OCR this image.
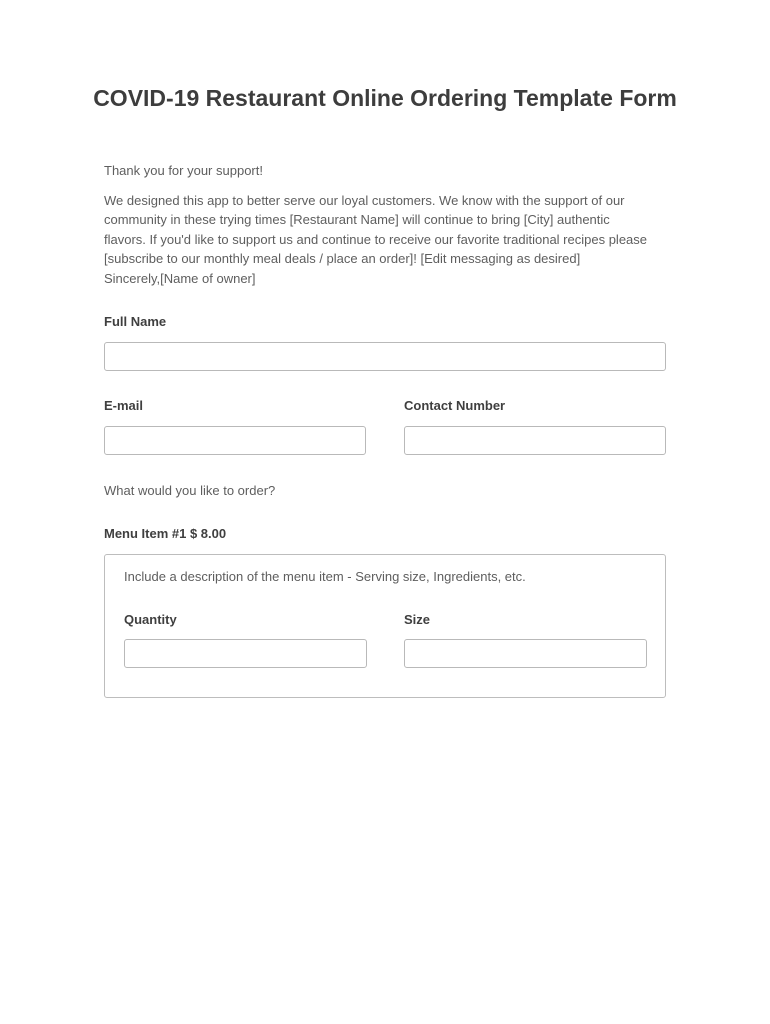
COVID-19 Restaurant Online Ordering Template Form

Thank you for your support!

We designed this app to better serve our loyal customers. We know with the support of our
community in these trying times [Restaurant Name] will continue to bring [City] authentic
flavors. If you'd like to support us and continue to receive our favorite traditional recipes please
[subscribe to our monthly meal deals / place an order]! [Edit messaging as desired]
Sincerely,[Name of owner]
Full Name
E-mail	Contact Number

What would you like to order?

Menu Item #1 $ 8.00

Include a description of the menu item - Serving size, Ingredients, etc.

Quantity	Size
